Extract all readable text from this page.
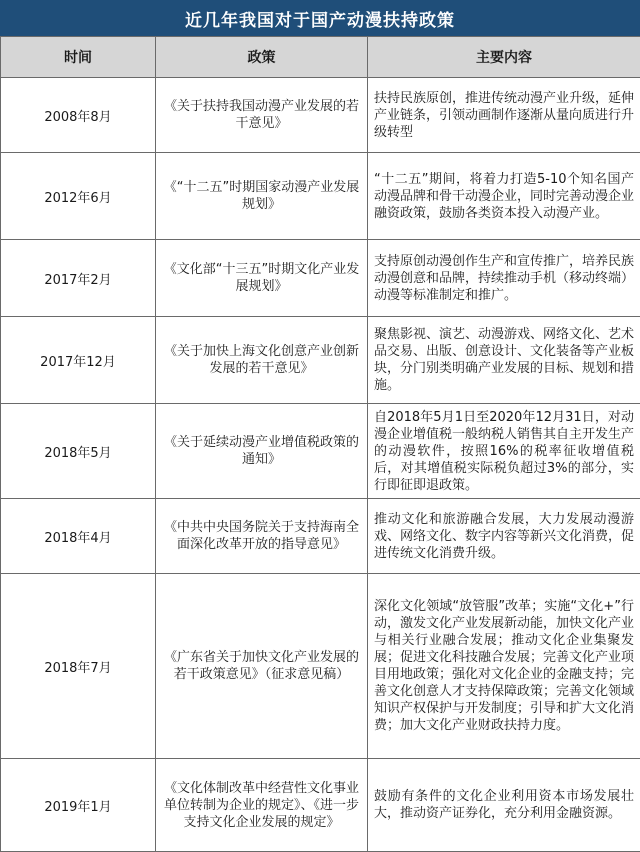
近几年我国对于国产动漫扶持政策
时间	政策	主要内容
2008年8月	《关于扶持我国动漫产业发展的若干意见》	扶持民族原创，推进传统动漫产业升级，延伸产业链条，引领动画制作逐渐从量向质进行升级转型
2012年6月	《“十二五”时期国家动漫产业发展规划》	“十二五”期间，将着力打造5-10个知名国产动漫品牌和骨干动漫企业，同时完善动漫企业融资政策，鼓励各类资本投入动漫产业。
2017年2月	《文化部“十三五”时期文化产业发展规划》	支持原创动漫创作生产和宣传推广，培养民族动漫创意和品牌，持续推动手机（移动终端）动漫等标准制定和推广。
2017年12月	《关于加快上海文化创意产业创新发展的若干意见》	聚焦影视、演艺、动漫游戏、网络文化、艺术品交易、出版、创意设计、文化装备等产业板块，分门别类明确产业发展的目标、规划和措施。
2018年5月	《关于延续动漫产业增值税政策的通知》	自2018年5月1日至2020年12月31日，对动漫企业增值税一般纳税人销售其自主开发生产的动漫软件，按照16%的税率征收增值税后，对其增值税实际税负超过3%的部分，实行即征即退政策。
2018年4月	《中共中央国务院关于支持海南全面深化改革开放的指导意见》	推动文化和旅游融合发展，大力发展动漫游戏、网络文化、数字内容等新兴文化消费，促进传统文化消费升级。
2018年7月	《广东省关于加快文化产业发展的若干政策意见》（征求意见稿）	深化文化领域“放管服”改革；实施“文化+”行动，激发文化产业发展新动能，加快文化产业与相关行业融合发展；推动文化企业集聚发展；促进文化科技融合发展；完善文化产业项目用地政策；强化对文化企业的金融支持；完善文化创意人才支持保障政策；完善文化领域知识产权保护与开发制度；引导和扩大文化消费；加大文化产业财政扶持力度。
2019年1月	《文化体制改革中经营性文化事业单位转制为企业的规定》、《进一步支持文化企业发展的规定》	鼓励有条件的文化企业利用资本市场发展壮大，推动资产证券化，充分利用金融资源。
